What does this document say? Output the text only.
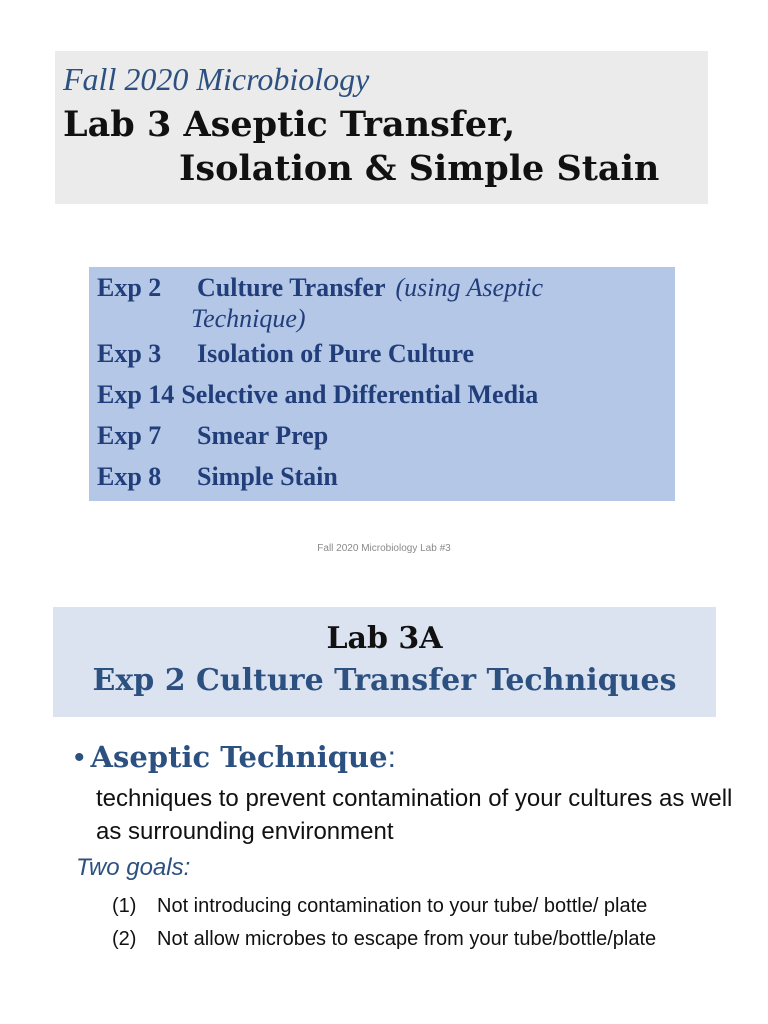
Fall 2020 Microbiology
Lab 3 Aseptic Transfer,
Isolation & Simple Stain
Exp 2 Culture Transfer (using Aseptic
Technique)
Exp 3 Isolation of Pure Culture
Exp 14 Selective and Differential Media
Exp 7 Smear Prep
Exp 8 Simple Stain
Fall 2020 Microbiology Lab #3
Lab 3A
Exp 2 Culture Transfer Techniques
• Aseptic Technique:
techniques to prevent contamination of your cultures as well as surrounding environment
Two goals:
(1) Not introducing contamination to your tube/ bottle/ plate
(2) Not allow microbes to escape from your tube/bottle/plate
